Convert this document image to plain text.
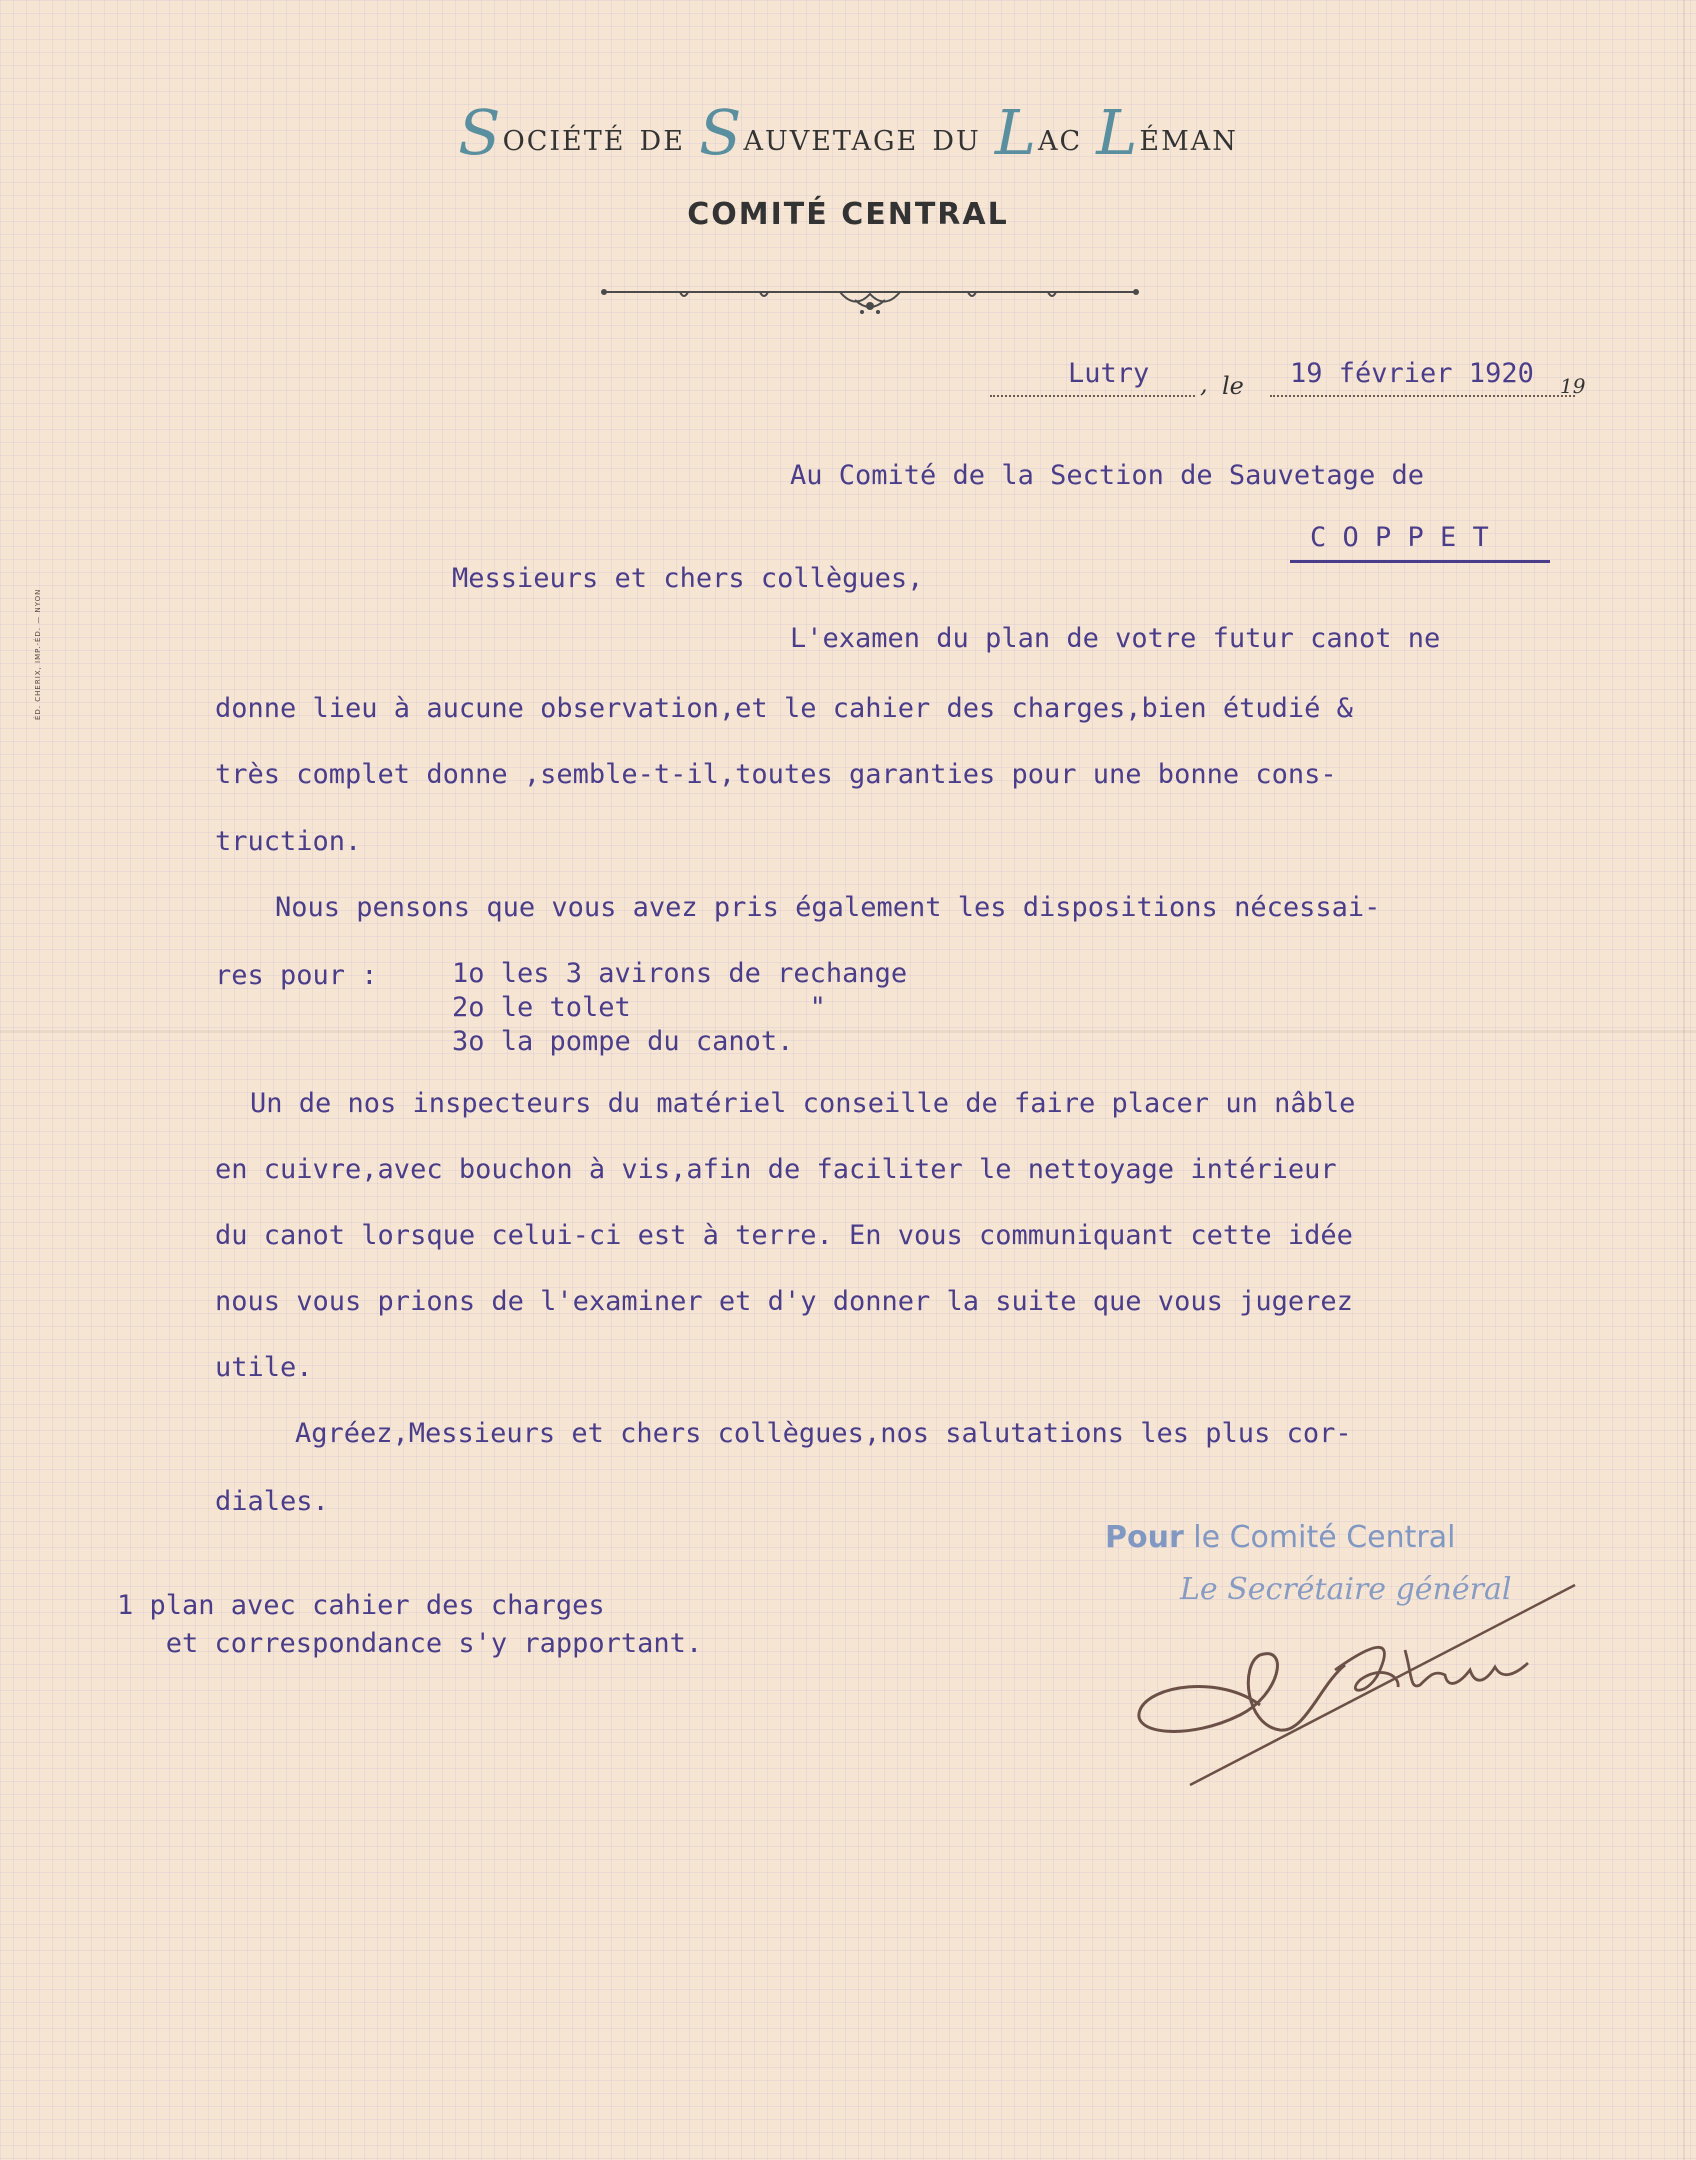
ÉD. CHERIX, IMP.-ÉD. — NYON
Société de Sauvetage du Lac Léman
COMITÉ CENTRAL
Lutry , le 19 février 1920 19
Au Comité de la Section de Sauvetage de
C O P P E T
Messieurs et chers collègues,
L'examen du plan de votre futur canot ne
donne lieu à aucune observation,et le cahier des charges,bien étudié &
très complet donne ,semble-t-il,toutes garanties pour une bonne cons-
truction.
Nous pensons que vous avez pris également les dispositions nécessai-
res pour :	1o les 3 avirons de rechange
2o le tolet           "
3o la pompe du canot.
Un de nos inspecteurs du matériel conseille de faire placer un nâble
en cuivre,avec bouchon à vis,afin de faciliter le nettoyage intérieur
du canot lorsque celui-ci est à terre. En vous communiquant cette idée
nous vous prions de l'examiner et d'y donner la suite que vous jugerez
utile.
Agréez,Messieurs et chers collègues,nos salutations les plus cor-
diales.
1 plan avec cahier des charges
et correspondance s'y rapportant.
Pour le Comité Central
Le Secrétaire général
